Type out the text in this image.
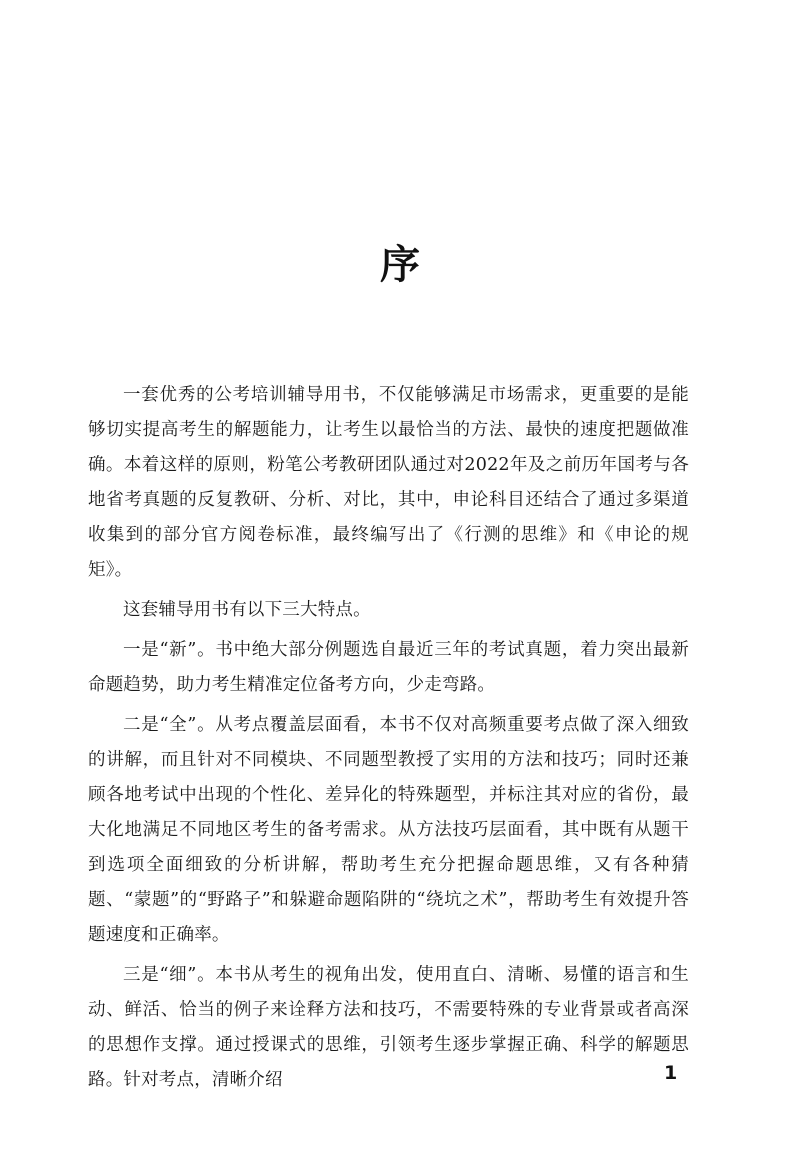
序

一套优秀的公考培训辅导用书，不仅能够满足市场需求，更重要的是能够切实提高考生的解题能力，让考生以最恰当的方法、最快的速度把题做准确。本着这样的原则，粉笔公考教研团队通过对2022年及之前历年国考与各地省考真题的反复教研、分析、对比，其中，申论科目还结合了通过多渠道收集到的部分官方阅卷标准，最终编写出了《行测的思维》和《申论的规矩》。

这套辅导用书有以下三大特点。

一是“新”。书中绝大部分例题选自最近三年的考试真题，着力突出最新命题趋势，助力考生精准定位备考方向，少走弯路。

二是“全”。从考点覆盖层面看，本书不仅对高频重要考点做了深入细致的讲解，而且针对不同模块、不同题型教授了实用的方法和技巧；同时还兼顾各地考试中出现的个性化、差异化的特殊题型，并标注其对应的省份，最大化地满足不同地区考生的备考需求。从方法技巧层面看，其中既有从题干到选项全面细致的分析讲解，帮助考生充分把握命题思维，又有各种猜题、“蒙题”的“野路子”和躲避命题陷阱的“绕坑之术”，帮助考生有效提升答题速度和正确率。

三是“细”。本书从考生的视角出发，使用直白、清晰、易懂的语言和生动、鲜活、恰当的例子来诠释方法和技巧，不需要特殊的专业背景或者高深的思想作支撑。通过授课式的思维，引领考生逐步掌握正确、科学的解题思路。针对考点，清晰介绍	1
